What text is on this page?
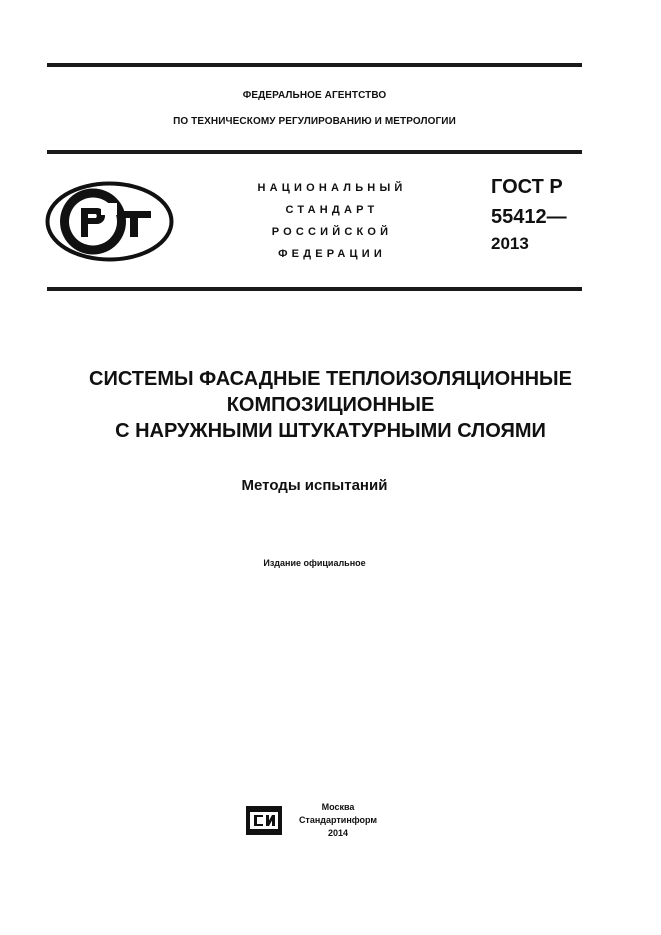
ФЕДЕРАЛЬНОЕ АГЕНТСТВО
ПО ТЕХНИЧЕСКОМУ РЕГУЛИРОВАНИЮ И МЕТРОЛОГИИ
НАЦИОНАЛЬНЫЙ
СТАНДАРТ
РОССИЙСКОЙ
ФЕДЕРАЦИИ
ГОСТ Р
55412—
2013
СИСТЕМЫ ФАСАДНЫЕ ТЕПЛОИЗОЛЯЦИОННЫЕ
КОМПОЗИЦИОННЫЕ
С НАРУЖНЫМИ ШТУКАТУРНЫМИ СЛОЯМИ
Методы испытаний
Издание официальное
Москва
Стандартинформ
2014
